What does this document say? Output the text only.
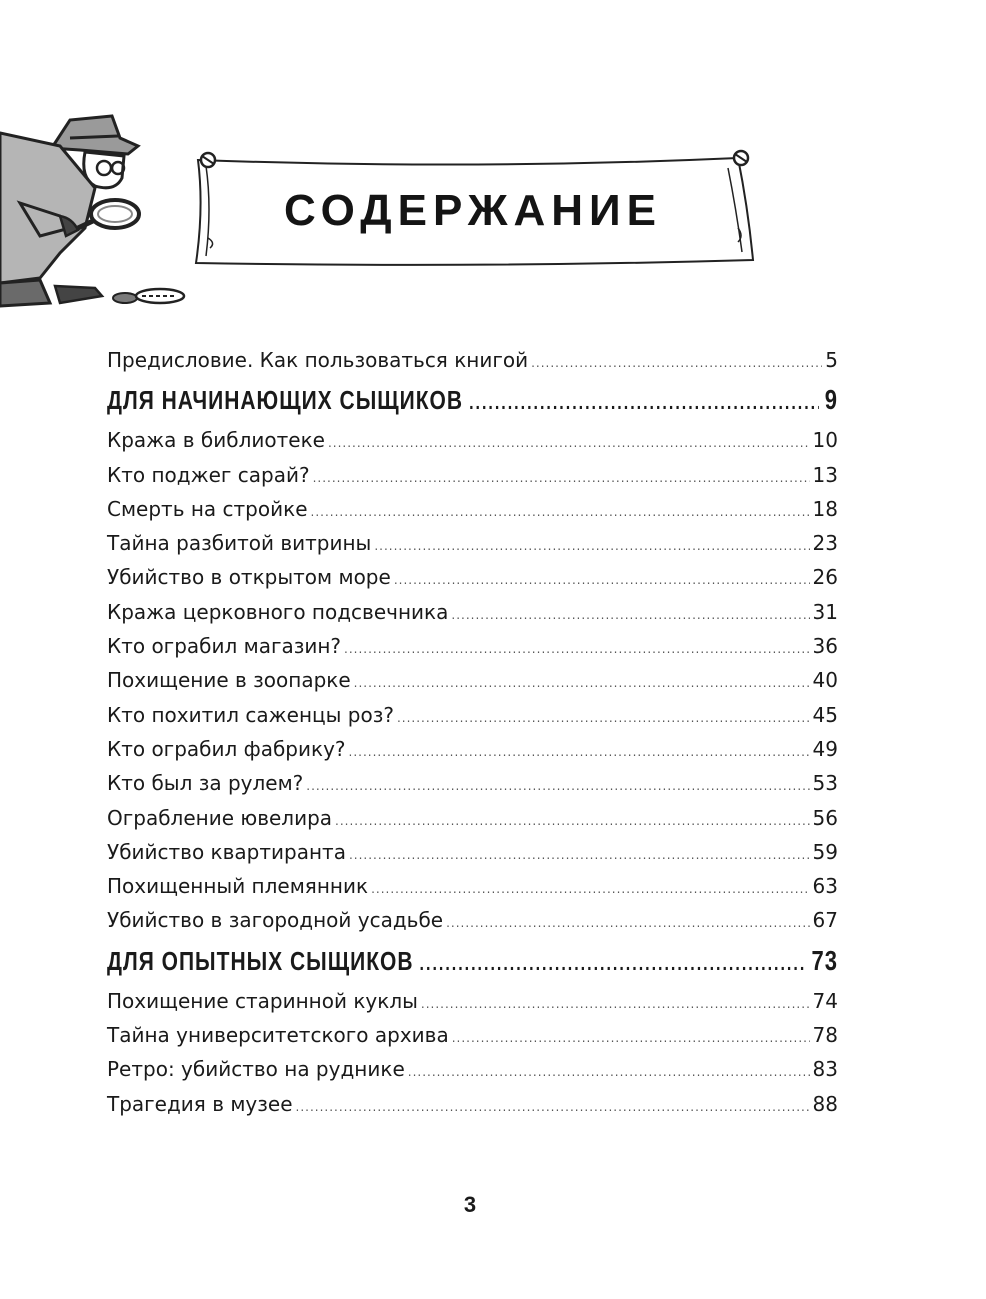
СОДЕРЖАНИЕ
Предисловие. Как пользоваться книгой .....	5
ДЛЯ НАЧИНАЮЩИХ СЫЩИКОВ .....	9
Кража в библиотеке .....	10
Кто поджег сарай? .....	13
Смерть на стройке .....	18
Тайна разбитой витрины .....	23
Убийство в открытом море .....	26
Кража церковного подсвечника .....	31
Кто ограбил магазин? .....	36
Похищение в зоопарке .....	40
Кто похитил саженцы роз? .....	45
Кто ограбил фабрику? .....	49
Кто был за рулем? .....	53
Ограбление ювелира .....	56
Убийство квартиранта .....	59
Похищенный племянник .....	63
Убийство в загородной усадьбе .....	67
ДЛЯ ОПЫТНЫХ СЫЩИКОВ .....	73
Похищение старинной куклы .....	74
Тайна университетского архива .....	78
Ретро: убийство на руднике .....	83
Трагедия в музее .....	88
3
